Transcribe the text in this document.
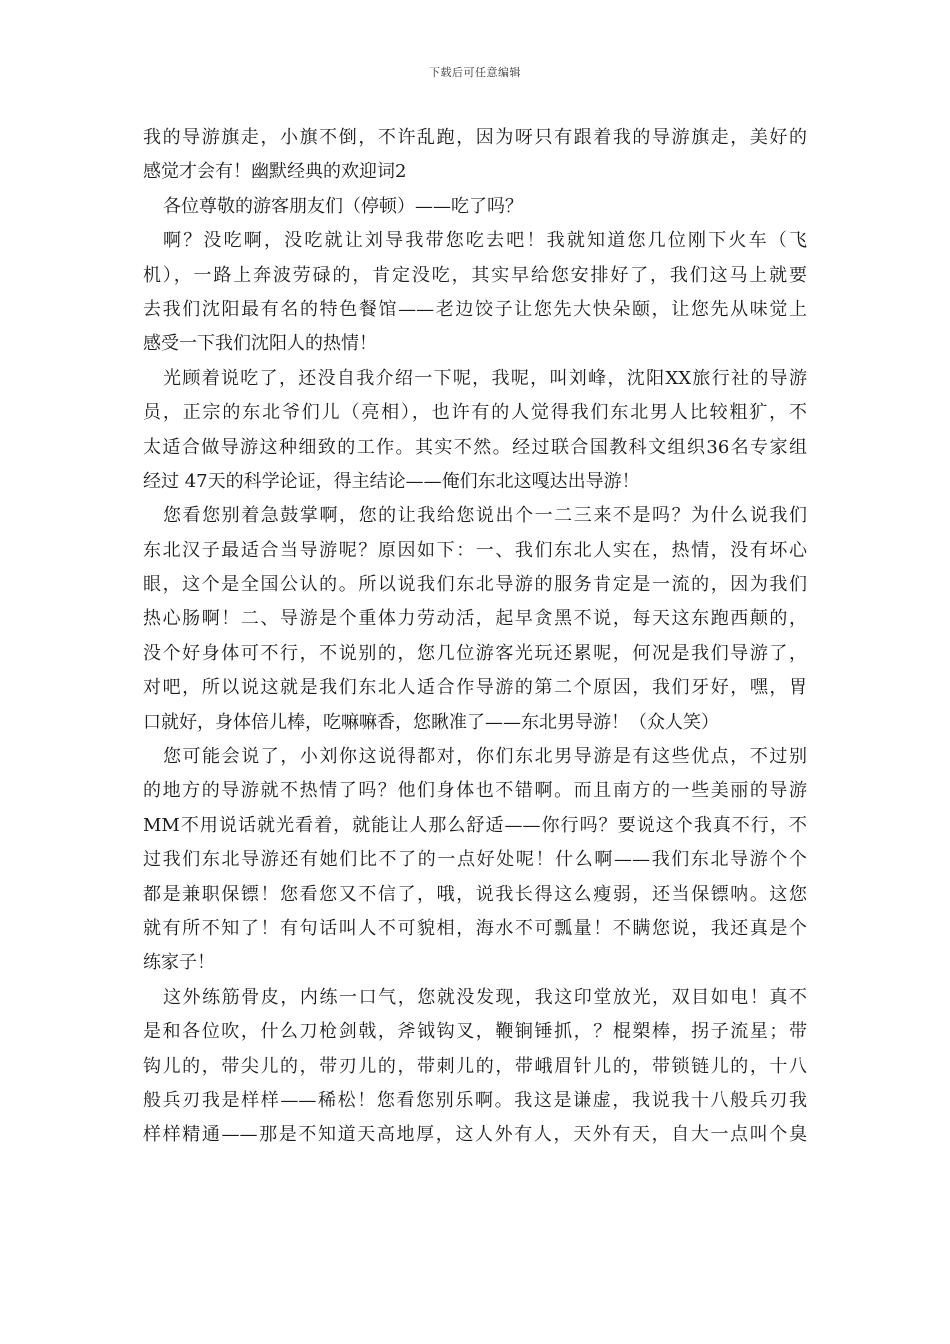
下载后可任意编辑
我的导游旗走，小旗不倒，不许乱跑，因为呀只有跟着我的导游旗走，美好的
感觉才会有！幽默经典的欢迎词2
各位尊敬的游客朋友们（停顿）——吃了吗？
啊？没吃啊，没吃就让刘导我带您吃去吧！我就知道您几位刚下火车（飞
机），一路上奔波劳碌的，肯定没吃，其实早给您安排好了，我们这马上就要
去我们沈阳最有名的特色餐馆——老边饺子让您先大快朵颐，让您先从味觉上
感受一下我们沈阳人的热情！
光顾着说吃了，还没自我介绍一下呢，我呢，叫刘峰，沈阳XX旅行社的导游
员，正宗的东北爷们儿（亮相），也许有的人觉得我们东北男人比较粗犷，不
太适合做导游这种细致的工作。其实不然。经过联合国教科文组织36名专家组
经过 47天的科学论证，得主结论——俺们东北这嘎达出导游！
您看您别着急鼓掌啊，您的让我给您说出个一二三来不是吗？为什么说我们
东北汉子最适合当导游呢？原因如下：一、我们东北人实在，热情，没有坏心
眼，这个是全国公认的。所以说我们东北导游的服务肯定是一流的，因为我们
热心肠啊！二、导游是个重体力劳动活，起早贪黑不说，每天这东跑西颠的，
没个好身体可不行，不说别的，您几位游客光玩还累呢，何况是我们导游了，
对吧，所以说这就是我们东北人适合作导游的第二个原因，我们牙好，嘿，胃
口就好，身体倍儿棒，吃嘛嘛香，您瞅准了——东北男导游！（众人笑）
您可能会说了，小刘你这说得都对，你们东北男导游是有这些优点，不过别
的地方的导游就不热情了吗？他们身体也不错啊。而且南方的一些美丽的导游
MM不用说话就光看着，就能让人那么舒适——你行吗？要说这个我真不行，不
过我们东北导游还有她们比不了的一点好处呢！什么啊——我们东北导游个个
都是兼职保镖！您看您又不信了，哦，说我长得这么瘦弱，还当保镖呐。这您
就有所不知了！有句话叫人不可貌相，海水不可瓢量！不瞒您说，我还真是个
练家子！
这外练筋骨皮，内练一口气，您就没发现，我这印堂放光，双目如电！真不
是和各位吹，什么刀枪剑戟，斧钺钩叉，鞭锏锤抓，？棍槊棒，拐子流星；带
钩儿的，带尖儿的，带刃儿的，带刺儿的，带峨眉针儿的，带锁链儿的，十八
般兵刃我是样样——稀松！您看您别乐啊。我这是谦虚，我说我十八般兵刃我
样样精通——那是不知道天高地厚，这人外有人，天外有天，自大一点叫个臭
